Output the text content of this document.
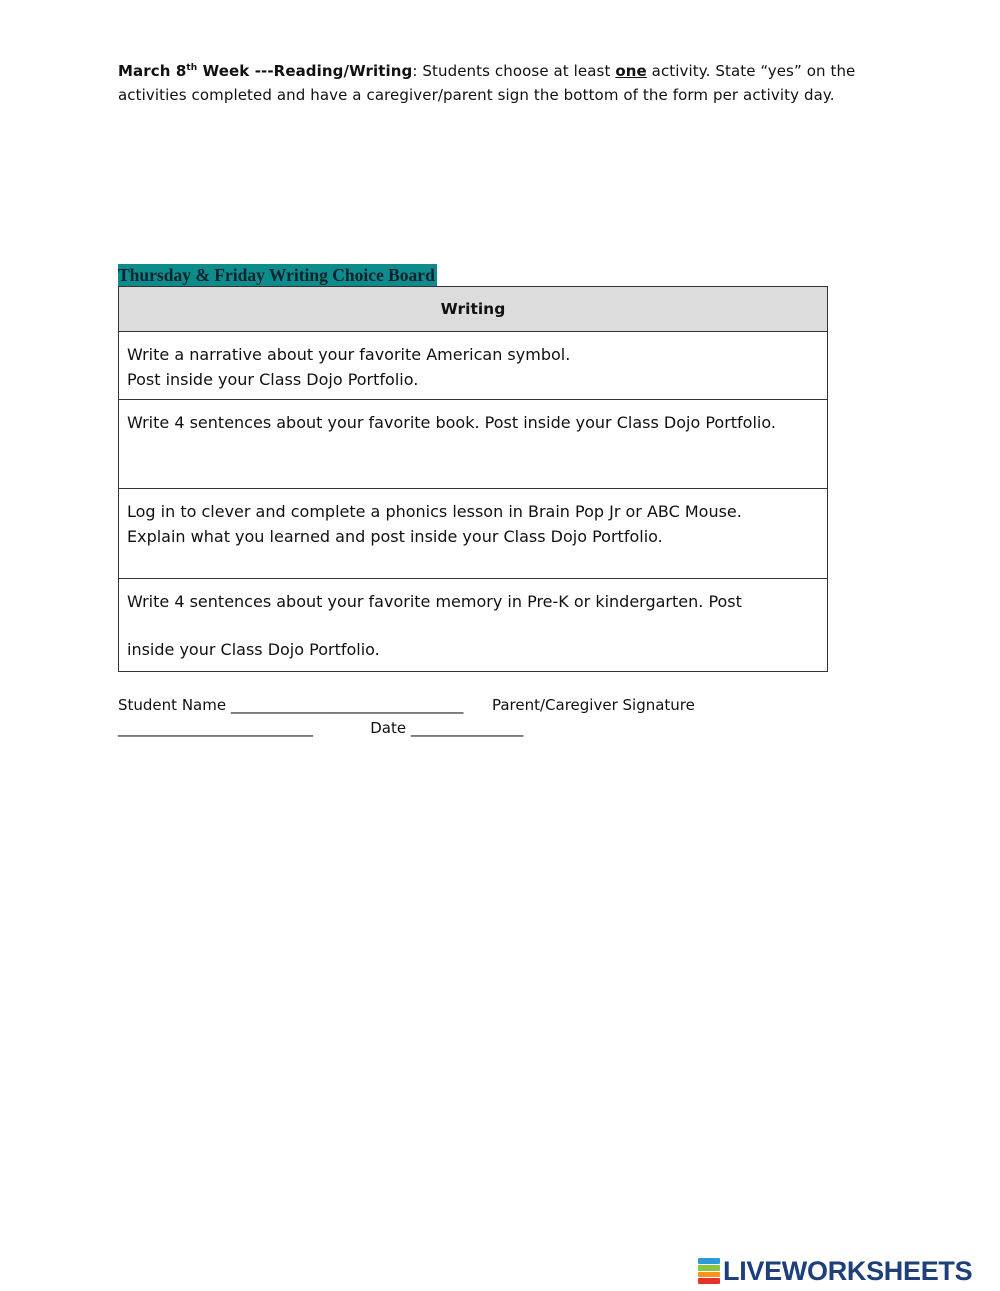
March 8th Week ---Reading/Writing: Students choose at least one activity. State “yes” on the activities completed and have a caregiver/parent sign the bottom of the form per activity day.
Thursday & Friday Writing Choice Board
Writing

Write a narrative about your favorite American symbol.

Post inside your Class Dojo Portfolio.

Write 4 sentences about your favorite book. Post inside your Class Dojo Portfolio.

Log in to clever and complete a phonics lesson in Brain Pop Jr or ABC Mouse.

Explain what you learned and post inside your Class Dojo Portfolio.

Write 4 sentences about your favorite memory in Pre-K or kindergarten. Post

inside your Class Dojo Portfolio.

Student Name _______________________________ Parent/Caregiver Signature
__________________________	Date _______________
LIVEWORKSHEETS
